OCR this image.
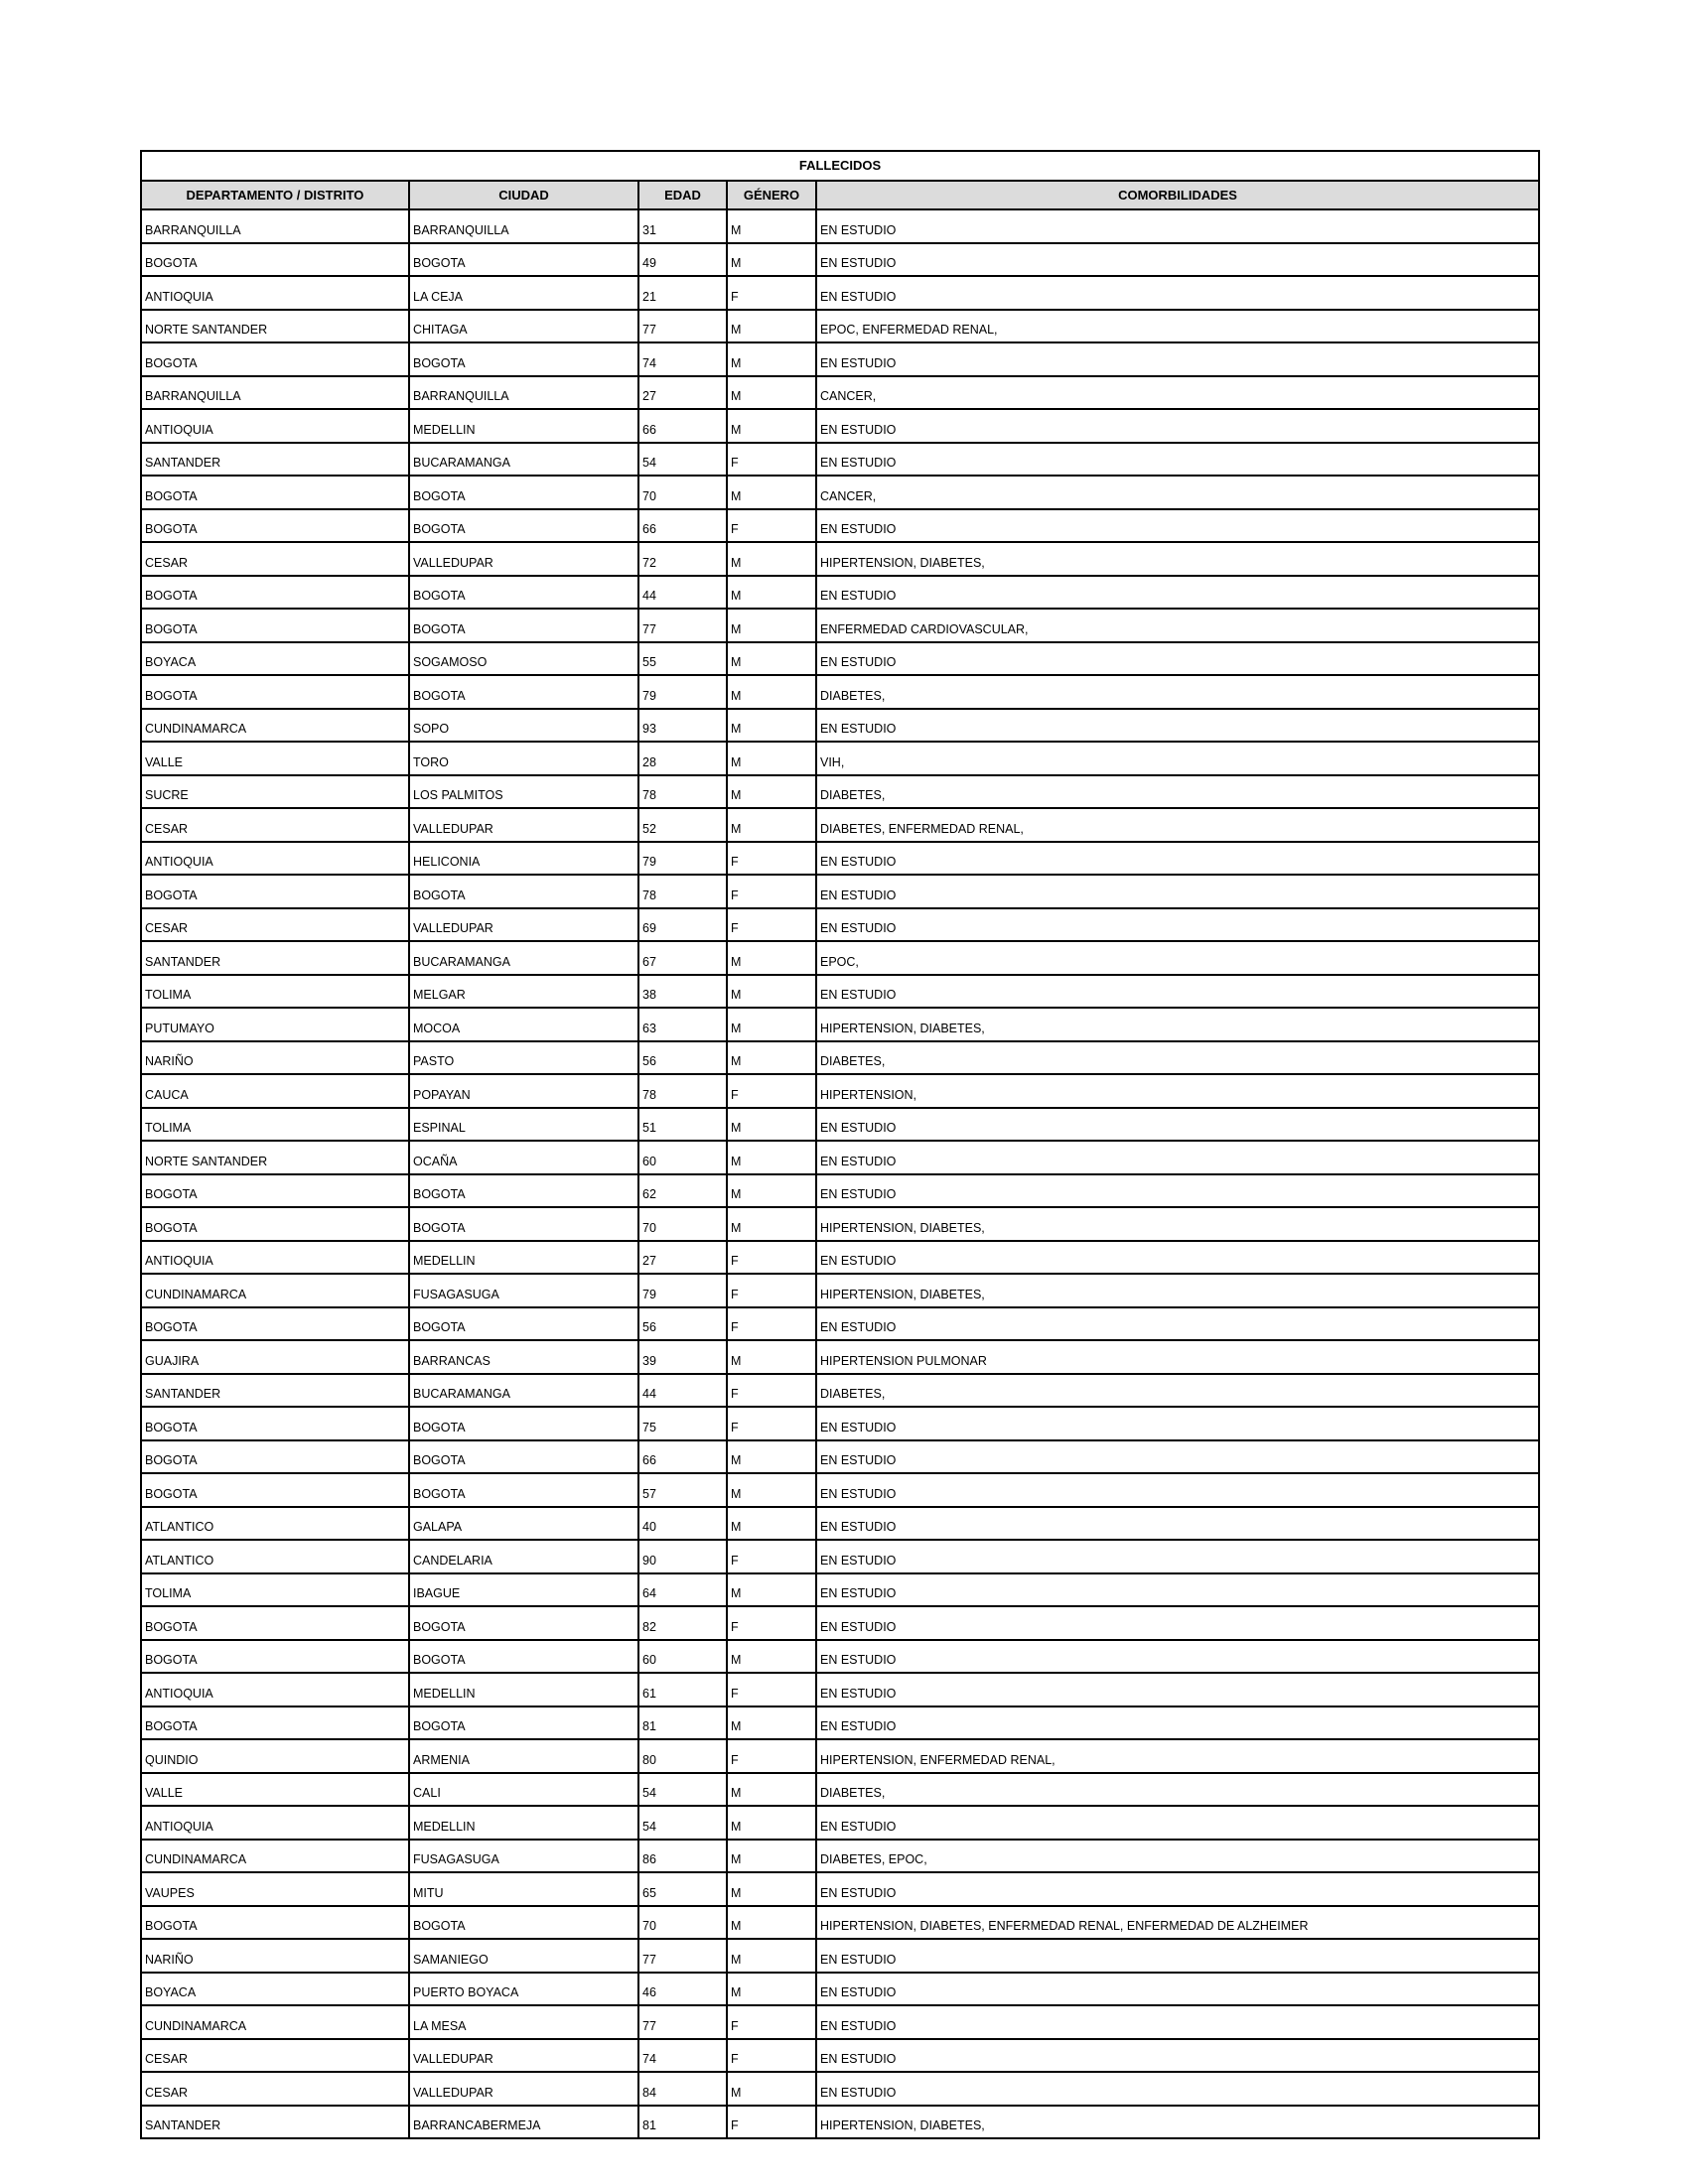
FALLECIDOS				
DEPARTAMENTO / DISTRITO	CIUDAD	EDAD	GÉNERO	COMORBILIDADES
BARRANQUILLA	BARRANQUILLA	31	M	EN ESTUDIO
BOGOTA	BOGOTA	49	M	EN ESTUDIO
ANTIOQUIA	LA CEJA	21	F	EN ESTUDIO
NORTE SANTANDER	CHITAGA	77	M	EPOC, ENFERMEDAD RENAL,
BOGOTA	BOGOTA	74	M	EN ESTUDIO
BARRANQUILLA	BARRANQUILLA	27	M	CANCER,
ANTIOQUIA	MEDELLIN	66	M	EN ESTUDIO
SANTANDER	BUCARAMANGA	54	F	EN ESTUDIO
BOGOTA	BOGOTA	70	M	CANCER,
BOGOTA	BOGOTA	66	F	EN ESTUDIO
CESAR	VALLEDUPAR	72	M	HIPERTENSION, DIABETES,
BOGOTA	BOGOTA	44	M	EN ESTUDIO
BOGOTA	BOGOTA	77	M	ENFERMEDAD CARDIOVASCULAR,
BOYACA	SOGAMOSO	55	M	EN ESTUDIO
BOGOTA	BOGOTA	79	M	DIABETES,
CUNDINAMARCA	SOPO	93	M	EN ESTUDIO
VALLE	TORO	28	M	VIH,
SUCRE	LOS PALMITOS	78	M	DIABETES,
CESAR	VALLEDUPAR	52	M	DIABETES, ENFERMEDAD RENAL,
ANTIOQUIA	HELICONIA	79	F	EN ESTUDIO
BOGOTA	BOGOTA	78	F	EN ESTUDIO
CESAR	VALLEDUPAR	69	F	EN ESTUDIO
SANTANDER	BUCARAMANGA	67	M	EPOC,
TOLIMA	MELGAR	38	M	EN ESTUDIO
PUTUMAYO	MOCOA	63	M	HIPERTENSION, DIABETES,
NARIÑO	PASTO	56	M	DIABETES,
CAUCA	POPAYAN	78	F	HIPERTENSION,
TOLIMA	ESPINAL	51	M	EN ESTUDIO
NORTE SANTANDER	OCAÑA	60	M	EN ESTUDIO
BOGOTA	BOGOTA	62	M	EN ESTUDIO
BOGOTA	BOGOTA	70	M	HIPERTENSION, DIABETES,
ANTIOQUIA	MEDELLIN	27	F	EN ESTUDIO
CUNDINAMARCA	FUSAGASUGA	79	F	HIPERTENSION, DIABETES,
BOGOTA	BOGOTA	56	F	EN ESTUDIO
GUAJIRA	BARRANCAS	39	M	HIPERTENSION PULMONAR
SANTANDER	BUCARAMANGA	44	F	DIABETES,
BOGOTA	BOGOTA	75	F	EN ESTUDIO
BOGOTA	BOGOTA	66	M	EN ESTUDIO
BOGOTA	BOGOTA	57	M	EN ESTUDIO
ATLANTICO	GALAPA	40	M	EN ESTUDIO
ATLANTICO	CANDELARIA	90	F	EN ESTUDIO
TOLIMA	IBAGUE	64	M	EN ESTUDIO
BOGOTA	BOGOTA	82	F	EN ESTUDIO
BOGOTA	BOGOTA	60	M	EN ESTUDIO
ANTIOQUIA	MEDELLIN	61	F	EN ESTUDIO
BOGOTA	BOGOTA	81	M	EN ESTUDIO
QUINDIO	ARMENIA	80	F	HIPERTENSION, ENFERMEDAD RENAL,
VALLE	CALI	54	M	DIABETES,
ANTIOQUIA	MEDELLIN	54	M	EN ESTUDIO
CUNDINAMARCA	FUSAGASUGA	86	M	DIABETES, EPOC,
VAUPES	MITU	65	M	EN ESTUDIO
BOGOTA	BOGOTA	70	M	HIPERTENSION, DIABETES, ENFERMEDAD RENAL, ENFERMEDAD DE ALZHEIMER
NARIÑO	SAMANIEGO	77	M	EN ESTUDIO
BOYACA	PUERTO BOYACA	46	M	EN ESTUDIO
CUNDINAMARCA	LA MESA	77	F	EN ESTUDIO
CESAR	VALLEDUPAR	74	F	EN ESTUDIO
CESAR	VALLEDUPAR	84	M	EN ESTUDIO
SANTANDER	BARRANCABERMEJA	81	F	HIPERTENSION, DIABETES,
